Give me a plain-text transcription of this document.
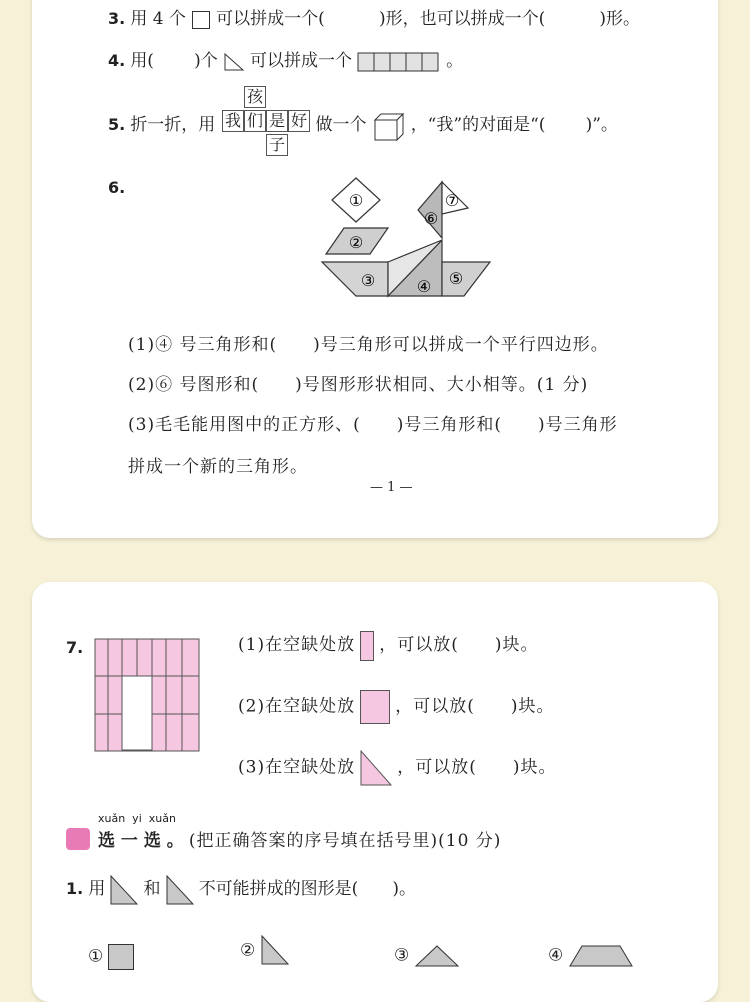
3. 用 4 个 可以拼成一个(	)形，也可以拼成一个(	)形。
4. 用( )个 可以拼成一个	。
5. 折一折，用	做一个	，“我”的对面是“( )”。
孩
我 们 是 好
子
6.
①
②
③	④ ⑤
⑥
⑦
(1)④ 号三角形和(　　)号三角形可以拼成一个平行四边形。
(2)⑥ 号图形和(　　)号图形形状相同、大小相等。(1 分)
(3)毛毛能用图中的正方形、(　　)号三角形和(　　)号三角形
拼成一个新的三角形。
— 1 —
7.	(1)在空缺处放 ，可以放(　　)块。
(2)在空缺处放 ，可以放(　　)块。
(3)在空缺处放 ，可以放(　　)块。
xuǎn  yi  xuǎn
选 一 选 。 (把正确答案的序号填在括号里)(10 分)
1. 用 和 不可能拼成的图形是(　　)。
①	②	③	④
